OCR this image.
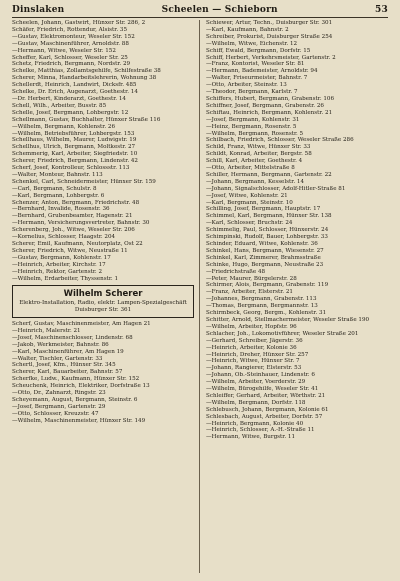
Dinslaken	Scheelen — Schieborn	53
Scheelen, Johann, Gastwirt, Hünxer Str. 286, 2
Schäfer, Friedrich, Rottendur, Alsistr. 35
—Gustav, Elektromonteur, Weseler Str. 152
—Gustav, Maschinenführer, Arnoldstr. 88
—Hermann, Witwe, Weseler Str. 152
Scheffer, Karl, Schlosser, Weseler Str. 25
Schetz, Friedrich, Bergmann, Nordstr. 29
Schelke, Matthias, Zollamtsgehilfe, Schilfestraße 38
Scherer, Minna, Handarbeitslehrerin, Wohnung 38
Schellerdt, Heinrich, Landwirt, Dicksfr. 485
Schelke, Dr. Erich, Augenarzt, Goethestr. 14
—Dr. Herbert, Kinderarzt, Goethestr. 14
Schell, Wilh., Arbeiter, Busstr. 85
Schelle, Josef, Bergmann, Lohbergstr. 12
Schellmann, Gustav, Buchhalter, Hünxer Straße 116
—Wilhelm, Bergmann, Kohlenstr. 26
—Wilhelm, Betriebsführer, Lohbergstr. 153
Schellhaus, Wilhelm, Maurer, Ludwigstr. 19
Schellhus, Ulrich, Bergmann, Moltkestr. 27
Schemmerig, Karl, Arbeiter, Siegfriedstr. 10
Scherer, Friedrich, Bergmann, Lindenstr. 42
Scherf, Josef, Kontrolleur, Schlossstr. 113
—Walter, Monteur, Bahnstr. 113
Schenkel, Carl, Schneidermeister, Hünxer Str. 159
—Carl, Bergmann, Schulstr. 8
—Karl, Bergmann, Lohbergstr. 6
Schenzer, Anton, Bergmann, Friedrichstr. 48
—Bernhard, Invalide, Rosenstr. 36
—Bernhard, Grubenbeamter, Hagenstr. 21
—Hermann, Versicherungsvertreter, Bahnstr. 30
Scherenberg, Joh., Witwe, Weseler Str. 206
—Kornelius, Schlosser, Haagstr. 204
Scherer, Emil, Kaufmann, Neutorplatz, Ost 22
Scherer, Friedrich, Witwe, Neustraße 11
—Gustav, Bergmann, Kohlenstr. 17
—Heinrich, Arbeiter, Kirchstr. 17
—Heinrich, Rektor, Gartenstr. 2
—Wilhelm, Erdarbeiter, Thyssenstr. 1
Wilhelm Scherer
Elektro-Installation, Radio, elektr. Lampen-Spezialgeschäft
Duisburger Str. 361
Scherf, Gustav, Maschinenmeister, Am Hagen 21
—Heinrich, Malerstr. 21
—Josef, Maschinenschlosser, Lindenstr. 68
—Jakob, Werkmeister, Bahnstr. 86
—Karl, Maschinenführer, Am Hagen 19
—Walter, Tischler, Gartenstr. 33
Schertl, Josef, Kfm., Hünxer Str. 345
Scherer, Karl, Bauarbeiter, Bahnstr. 57
Scherfke, Ludw., Kaufmann, Hünxer Str. 152
Scheuchenk, Heinrich, Elektriker, Dorfstraße 13
—Otto, Dr., Zahnarzt, Ringstr. 23
Scheyemann, August, Bergmann, Steinstr. 6
—Josef, Bergmann, Gartenstr. 29
—Otto, Schlosser, Kreuzstr. 47
—Wilhelm, Maschinenmeister, Hünxer Str. 149
Schiewer, Artur, Techn., Duisburger Str. 301
—Karl, Kaufmann, Bahnstr. 2
Schreiber, Prokurist, Duisburger Straße 254
—Wilhelm, Witwe, Eichenstr. 12
Schiff, Ewald, Bergmann, Dorfstr. 15
Schiff, Herbert, Verkehrsmeister, Gartenstr. 2
—Franz, Kontorist, Weseler Str. 81
—Hermann, Bademeister, Arnoldstr. 94
—Walter, Friseurmeister, Bahnstr. 7
—Otto, Arbeiter, Steinstr. 13
—Theodor, Bergmann, Karlstr. 7
Schiffers, Hubert, Bergmann, Grabenstr. 106
Schiffner, Josef, Bergmann, Grabenstr. 26
Schiftau, Heinrich, Bergmann, Kohlenstr. 21
—Josef, Bergmann, Kohlenstr. 31
—Heinz, Bergmann, Rosenstr. 5
—Wilhelm, Bergmann, Rosenstr. 5
Schilbach, Friedrich, Schlosser, Weseler Straße 286
Schild, Franz, Witwe, Hünxer Str. 33
Schildt, Konrad, Arbeiter, Bergstr. 58
Schill, Karl, Arbeiter, Goethestr. 4
—Otto, Arbeiter, Mittelstraße 8
Schiller, Hermann, Bergmann, Gartenstr. 22
—Johann, Bergmann, Kesselstr. 14
—Johann, Signalschlosser, Adolf-Hitler-Straße 81
—Josef, Witwe, Kohlenstr. 21
—Karl, Bergmann, Steinstr. 10
Schilling, Josef, Bergmann, Hauptstr. 17
Schimmel, Karl, Bergmann, Hünxer Str. 138
—Karl, Schlosser, Bruchstr. 24
Schimmelig, Paul, Schlosser, Hünxerstr. 24
Schimpinski, Rudolf, Bauer, Lohbergstr. 33
Schinder, Eduard, Witwe, Kohlenstr. 36
Schinkel, Hans, Bergmann, Wiesenstr. 27
Schinkel, Karl, Zimmerer, Brahmsstraße
Schinke, Hugo, Bergmann, Neustraße 23
—Friedrichstraße 48
—Peter, Maurer, Bürgelerstr. 28
Schirmer, Alois, Bergmann, Grabenstr. 119
—Franz, Arbeiter, Elsterstr. 21
—Johannes, Bergmann, Grabenstr. 113
—Thomas, Bergmann, Bergmannstr. 13
Schirmbeck, Georg, Bergm., Kohlenstr. 31
Schitter, Arnold, Stellmachermeister, Weseler Straße 190
—Wilhelm, Arbeiter, Hopfstr. 96
Schlacher, Joh., Lokomotivführer, Weseler Straße 201
—Gerhard, Schreiber, Jägerstr. 36
—Heinrich, Arbeiter, Kolonie 36
—Heinrich, Dreher, Hünxer Str. 257
—Heinrich, Witwe, Hünxer Str. 7
—Johann, Rangierer, Elsterstr. 53
—Johann, Ob.-Steinhauer, Lindenstr. 6
—Wilhelm, Arbeiter, Voerderstr. 29
—Wilhelm, Bürogehilfe, Weseler Str. 41
Schleiffer, Gerhard, Arbeiter, Wörthstr. 21
—Wilhelm, Bergmann, Dorfstr. 118
Schlebusch, Johann, Bergmann, Kolonie 61
Schlesbach, August, Arbeiter, Dorfstr. 57
—Heinrich, Bergmann, Kolonie 40
—Heinrich, Schlosser, A.-H.-Straße 11
—Hermann, Witwe, Burgstr. 11
